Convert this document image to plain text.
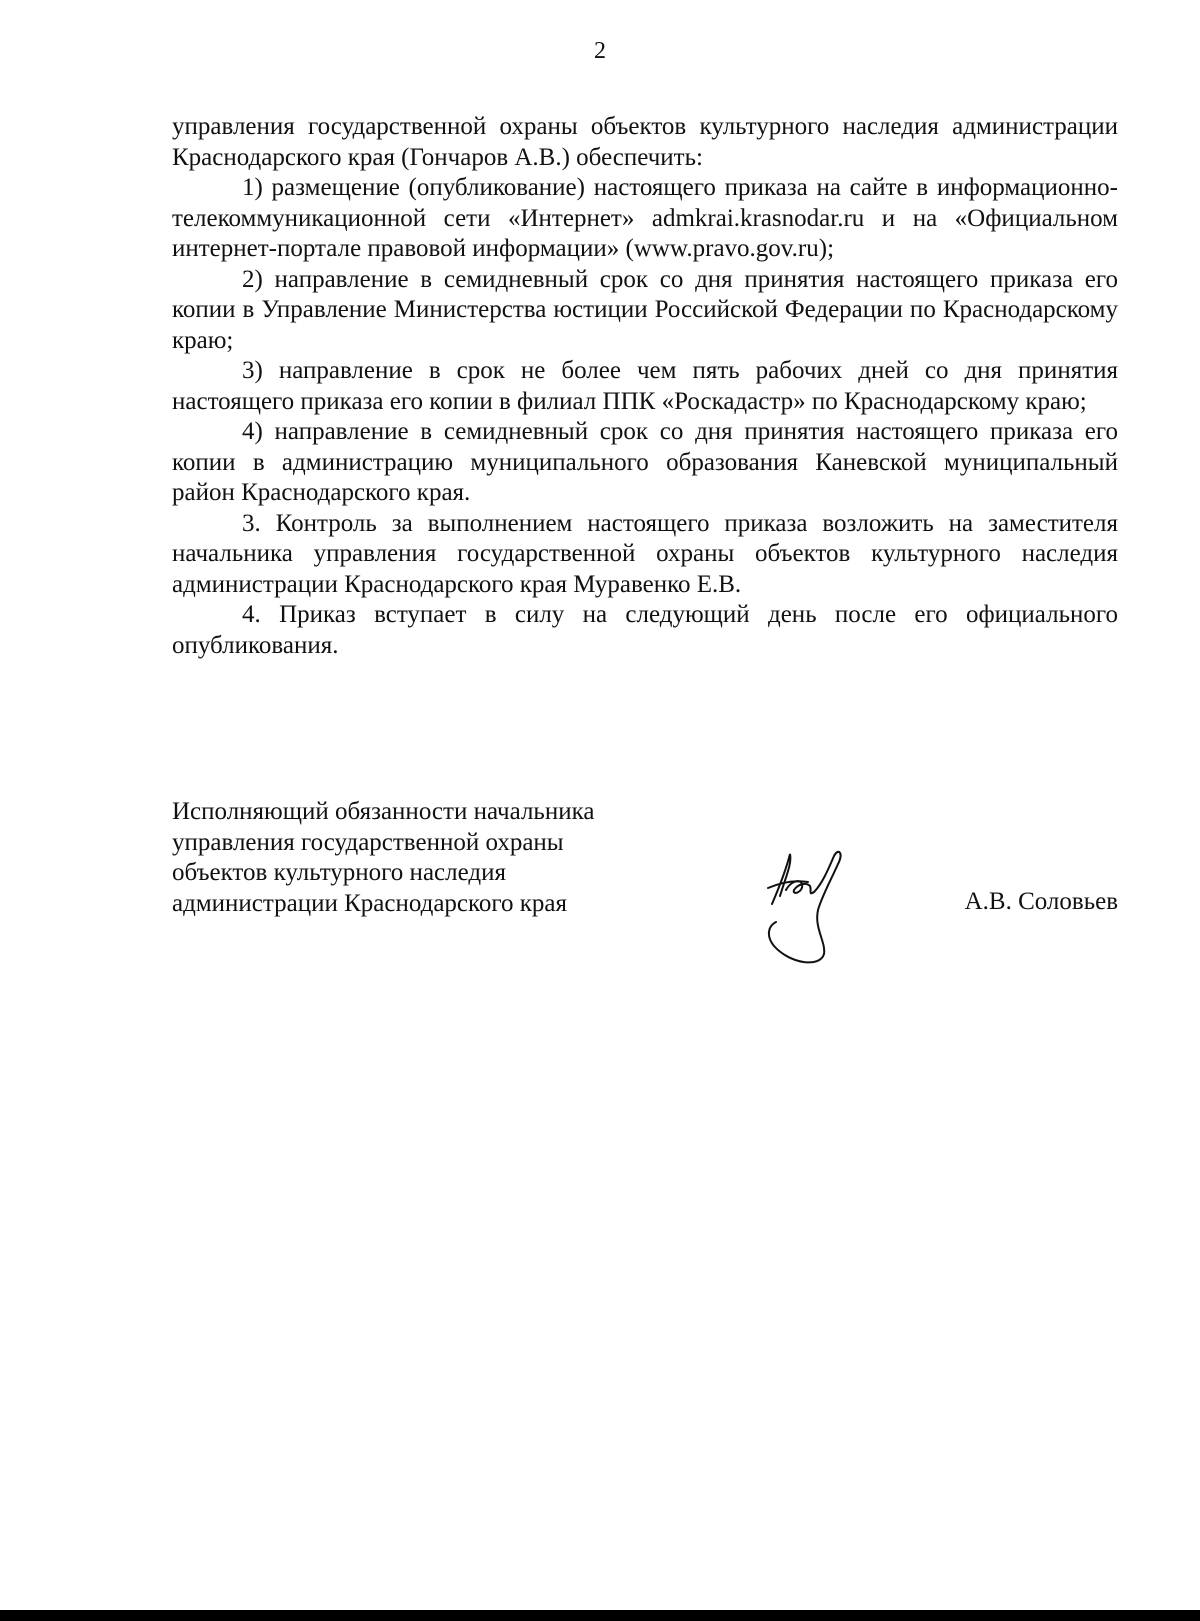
2

управления государственной охраны объектов культурного наследия администрации Краснодарского края (Гончаров А.В.) обеспечить:

1) размещение (опубликование) настоящего приказа на сайте в информационно-телекоммуникационной сети «Интернет» admkrai.krasnodar.ru и на «Официальном интернет-портале правовой информации» (www.pravo.gov.ru);

2) направление в семидневный срок со дня принятия настоящего приказа его копии в Управление Министерства юстиции Российской Федерации по Краснодарскому краю;

3) направление в срок не более чем пять рабочих дней со дня принятия настоящего приказа его копии в филиал ППК «Роскадастр» по Краснодарскому краю;

4) направление в семидневный срок со дня принятия настоящего приказа его копии в администрацию муниципального образования Каневской муниципальный район Краснодарского края.

3. Контроль за выполнением настоящего приказа возложить на заместителя начальника управления государственной охраны объектов культурного наследия администрации Краснодарского края Муравенко Е.В.

4. Приказ вступает в силу на следующий день после его официального опубликования.

Исполняющий обязанности начальника
управления государственной охраны
объектов культурного наследия
администрации Краснодарского края	А.В. Соловьев
